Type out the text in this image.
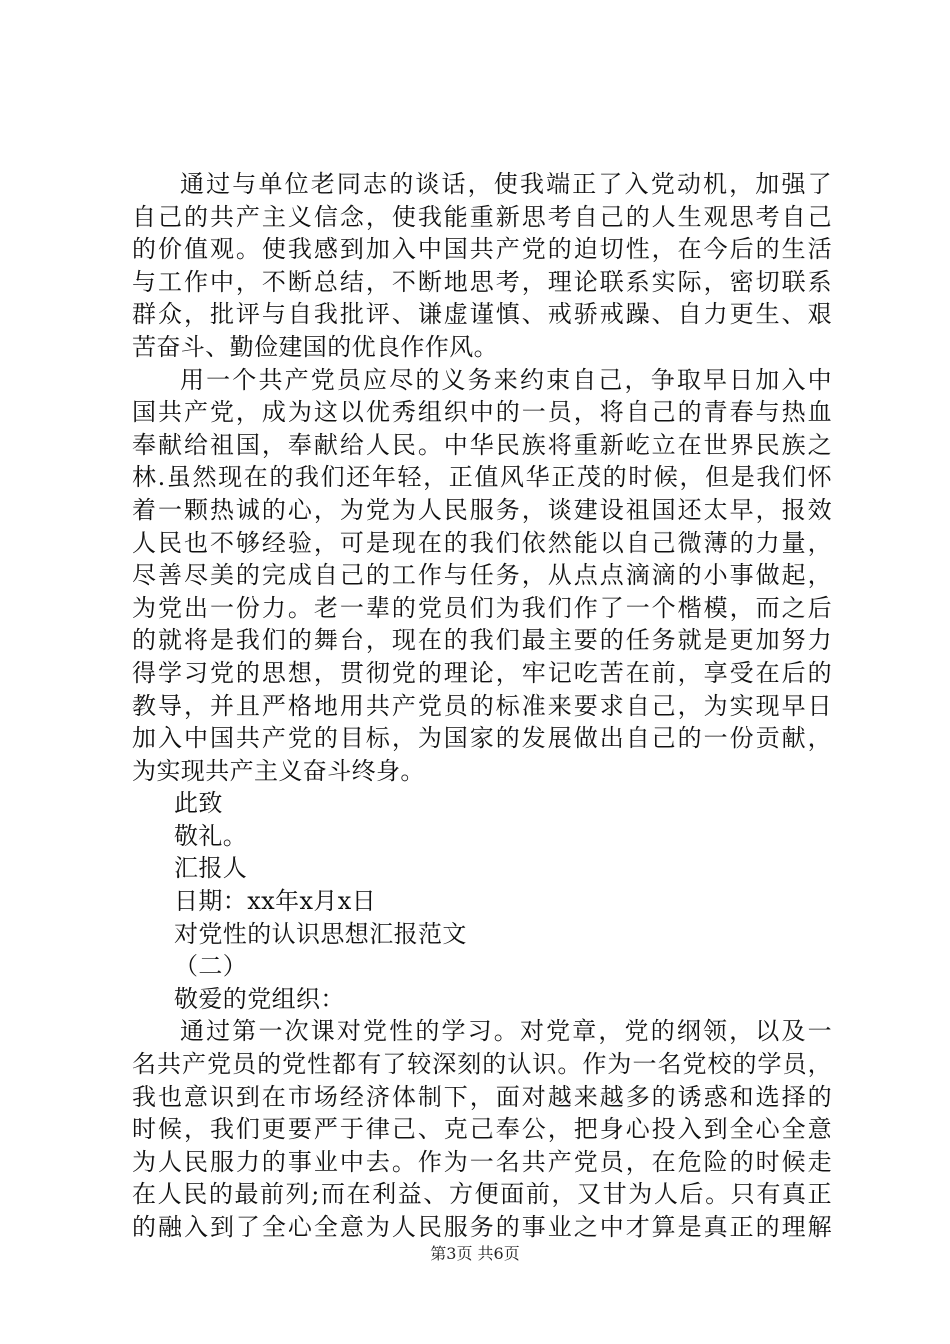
通过与单位老同志的谈话，使我端正了入党动机，加强了
自己的共产主义信念，使我能重新思考自己的人生观思考自己
的价值观。使我感到加入中国共产党的迫切性，在今后的生活
与工作中，不断总结，不断地思考，理论联系实际，密切联系
群众，批评与自我批评、谦虚谨慎、戒骄戒躁、自力更生、艰
苦奋斗、勤俭建国的优良作作风。
用一个共产党员应尽的义务来约束自己，争取早日加入中
国共产党，成为这以优秀组织中的一员，将自己的青春与热血
奉献给祖国，奉献给人民。中华民族将重新屹立在世界民族之
林.虽然现在的我们还年轻，正值风华正茂的时候，但是我们怀
着一颗热诚的心，为党为人民服务，谈建设祖国还太早，报效
人民也不够经验，可是现在的我们依然能以自己微薄的力量，
尽善尽美的完成自己的工作与任务，从点点滴滴的小事做起，
为党出一份力。老一辈的党员们为我们作了一个楷模，而之后
的就将是我们的舞台，现在的我们最主要的任务就是更加努力
得学习党的思想，贯彻党的理论，牢记吃苦在前，享受在后的
教导，并且严格地用共产党员的标准来要求自己，为实现早日
加入中国共产党的目标，为国家的发展做出自己的一份贡献，
为实现共产主义奋斗终身。
此致
敬礼。
汇报人
日期：xx年x月x日
对党性的认识思想汇报范文
（二）
敬爱的党组织：
通过第一次课对党性的学习。对党章，党的纲领，以及一
名共产党员的党性都有了较深刻的认识。作为一名党校的学员，
我也意识到在市场经济体制下，面对越来越多的诱惑和选择的
时候，我们更要严于律己、克己奉公，把身心投入到全心全意
为人民服力的事业中去。作为一名共产党员，在危险的时候走
在人民的最前列;而在利益、方便面前，又甘为人后。只有真正
的融入到了全心全意为人民服务的事业之中才算是真正的理解
第3页 共6页
